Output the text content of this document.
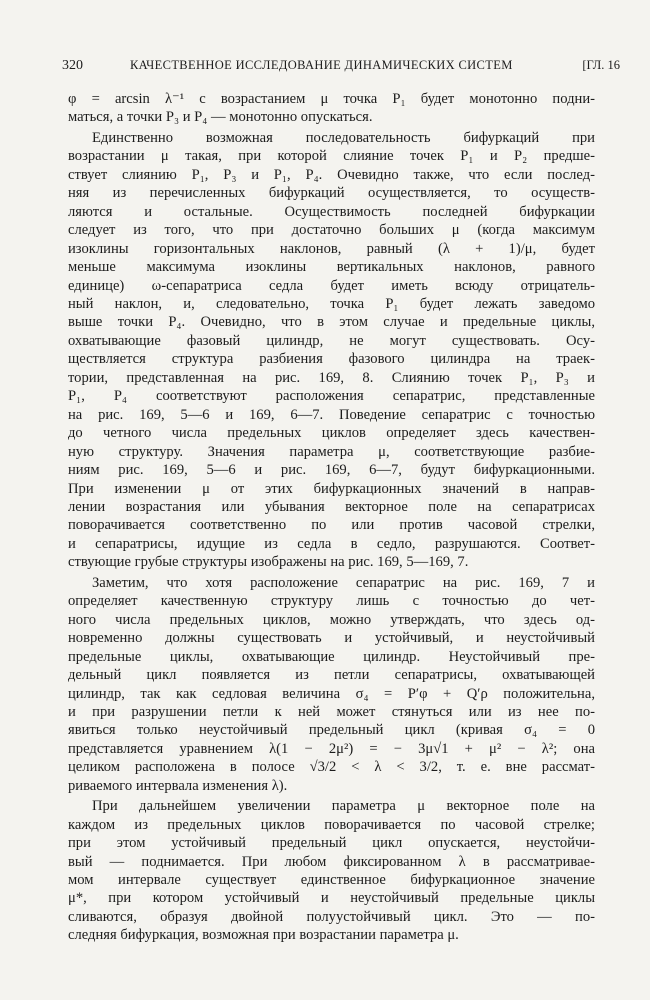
320	КАЧЕСТВЕННОЕ ИССЛЕДОВАНИЕ ДИНАМИЧЕСКИХ СИСТЕМ	[ГЛ. 16

φ = arcsin λ⁻¹ с возрастанием μ точка P₁ будет монотонно подни-
маться, а точки P₃ и P₄ — монотонно опускаться.

Единственно возможная последовательность бифуркаций при
возрастании μ такая, при которой слияние точек P₁ и P₂ предше-
ствует слиянию P₁, P₃ и P₁, P₄. Очевидно также, что если послед-
няя из перечисленных бифуркаций осуществляется, то осуществ-
ляются и остальные. Осуществимость последней бифуркации
следует из того, что при достаточно больших μ (когда максимум
изоклины горизонтальных наклонов, равный (λ + 1)/μ, будет
меньше максимума изоклины вертикальных наклонов, равного
единице) ω-сепаратриса седла будет иметь всюду отрицатель-
ный наклон, и, следовательно, точка P₁ будет лежать заведомо
выше точки P₄. Очевидно, что в этом случае и предельные циклы,
охватывающие фазовый цилиндр, не могут существовать. Осу-
ществляется структура разбиения фазового цилиндра на траек-
тории, представленная на рис. 169, 8. Слиянию точек P₁, P₃ и
P₁, P₄ соответствуют расположения сепаратрис, представленные
на рис. 169, 5—6 и 169, 6—7. Поведение сепаратрис с точностью
до четного числа предельных циклов определяет здесь качествен-
ную структуру. Значения параметра μ, соответствующие разбие-
ниям рис. 169, 5—6 и рис. 169, 6—7, будут бифуркационными.
При изменении μ от этих бифуркационных значений в направ-
лении возрастания или убывания векторное поле на сепаратрисах
поворачивается соответственно по или против часовой стрелки,
и сепаратрисы, идущие из седла в седло, разрушаются. Соответ-
ствующие грубые структуры изображены на рис. 169, 5—169, 7.

Заметим, что хотя расположение сепаратрис на рис. 169, 7 и
определяет качественную структуру лишь с точностью до чет-
ного числа предельных циклов, можно утверждать, что здесь од-
новременно должны существовать и устойчивый, и неустойчивый
предельные циклы, охватывающие цилиндр. Неустойчивый пре-
дельный цикл появляется из петли сепаратрисы, охватывающей
цилиндр, так как седловая величина σ₄ = P′φ + Q′ρ положительна,
и при разрушении петли к ней может стянуться или из нее по-
явиться только неустойчивый предельный цикл (кривая σ₄ = 0
представляется уравнением λ(1 − 2μ²) = − 3μ√1 + μ² − λ²; она
целиком расположена в полосе √3/2 < λ < 3/2, т. е. вне рассмат-
риваемого интервала изменения λ).

При дальнейшем увеличении параметра μ векторное поле на
каждом из предельных циклов поворачивается по часовой стрелке;
при этом устойчивый предельный цикл опускается, неустойчи-
вый — поднимается. При любом фиксированном λ в рассматривае-
мом интервале существует единственное бифуркационное значение
μ*, при котором устойчивый и неустойчивый предельные циклы
сливаются, образуя двойной полуустойчивый цикл. Это — по-
следняя бифуркация, возможная при возрастании параметра μ.
